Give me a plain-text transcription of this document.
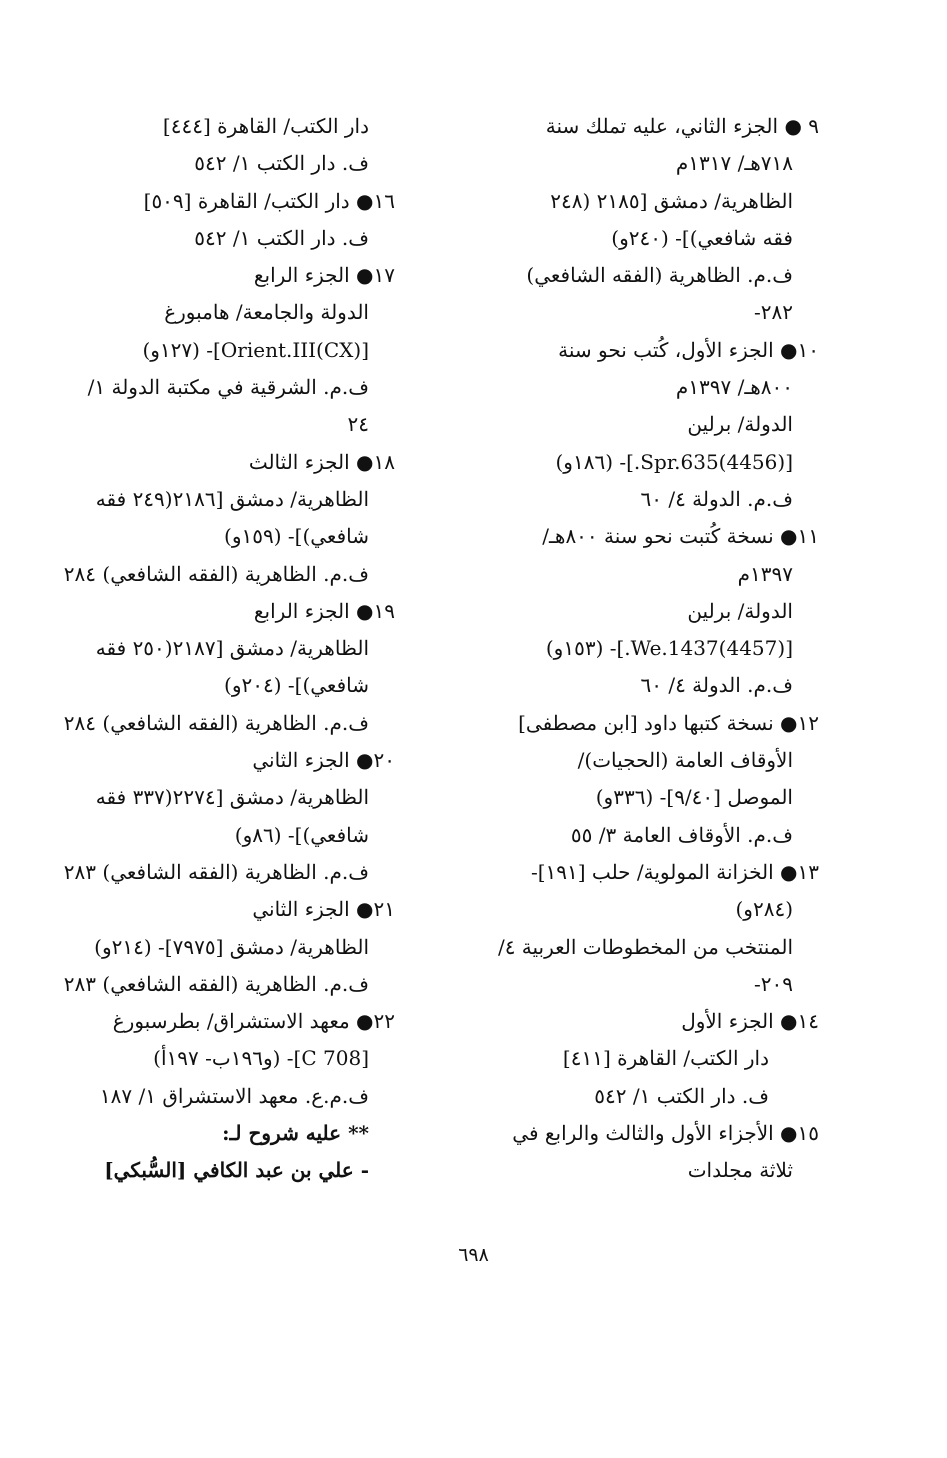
٩ ● الجزء الثاني، عليه تملك سنة
٧١٨هـ/ ١٣١٧م
الظاهرية/ دمشق [٢١٨٥ (٢٤٨
فقه شافعي)]- (٢٤٠و)
ف.م. الظاهرية (الفقه الشافعي)
٢٨٢-
١٠● الجزء الأول، كُتب نحو سنة
٨٠٠هـ/ ١٣٩٧م
الدولة/ برلين
[(4456)Spr.635.]- (١٨٦و)
ف.م. الدولة ٤/ ٦٠
١١● نسخة كُتبت نحو سنة ٨٠٠هـ/
١٣٩٧م
الدولة/ برلين
[(4457)We.1437.]- (١٥٣و)
ف.م. الدولة ٤/ ٦٠
١٢● نسخة كتبها داود [ابن مصطفى]
الأوقاف العامة (الحجيات)/
الموصل [٩/٤٠]- (٣٣٦و)
ف.م. الأوقاف العامة ٣/ ٥٥
١٣● الخزانة المولوية/ حلب [١٩١]-
(٢٨٤و)
المنتخب من المخطوطات العربية ٤/
٢٠٩-
١٤● الجزء الأول
دار الكتب/ القاهرة [٤١١]
ف. دار الكتب ١/ ٥٤٢
١٥● الأجزاء الأول والثالث والرابع في
ثلاثة مجلدات
دار الكتب/ القاهرة [٤٤٤]
ف. دار الكتب ١/ ٥٤٢
١٦● دار الكتب/ القاهرة [٥٠٩]
ف. دار الكتب ١/ ٥٤٢
١٧● الجزء الرابع
الدولة والجامعة/ هامبورغ
[Orient.III(CX)]- (١٢٧و)
ف.م. الشرقية في مكتبة الدولة ١/
٢٤
١٨● الجزء الثالث
الظاهرية/ دمشق [٢١٨٦(٢٤٩ فقه
شافعي)]- (١٥٩و)
ف.م. الظاهرية (الفقه الشافعي) ٢٨٤
١٩● الجزء الرابع
الظاهرية/ دمشق [٢١٨٧(٢٥٠ فقه
شافعي)]- (٢٠٤و)
ف.م. الظاهرية (الفقه الشافعي) ٢٨٤
٢٠● الجزء الثاني
الظاهرية/ دمشق [٢٢٧٤(٣٣٧ فقه
شافعي)]- (٨٦و)
ف.م. الظاهرية (الفقه الشافعي) ٢٨٣
٢١● الجزء الثاني
الظاهرية/ دمشق [٧٩٧٥]- (٢١٤و)
ف.م. الظاهرية (الفقه الشافعي) ٢٨٣
٢٢● معهد الاستشراق/ بطرسبورغ
[C 708]- (و١٩٦ب- ١٩٧أ)
ف.م.ع. معهد الاستشراق ١/ ١٨٧
** عليه شروح لـ:
- علي بن عبد الكافي [السُّبكي]
٦٩٨
